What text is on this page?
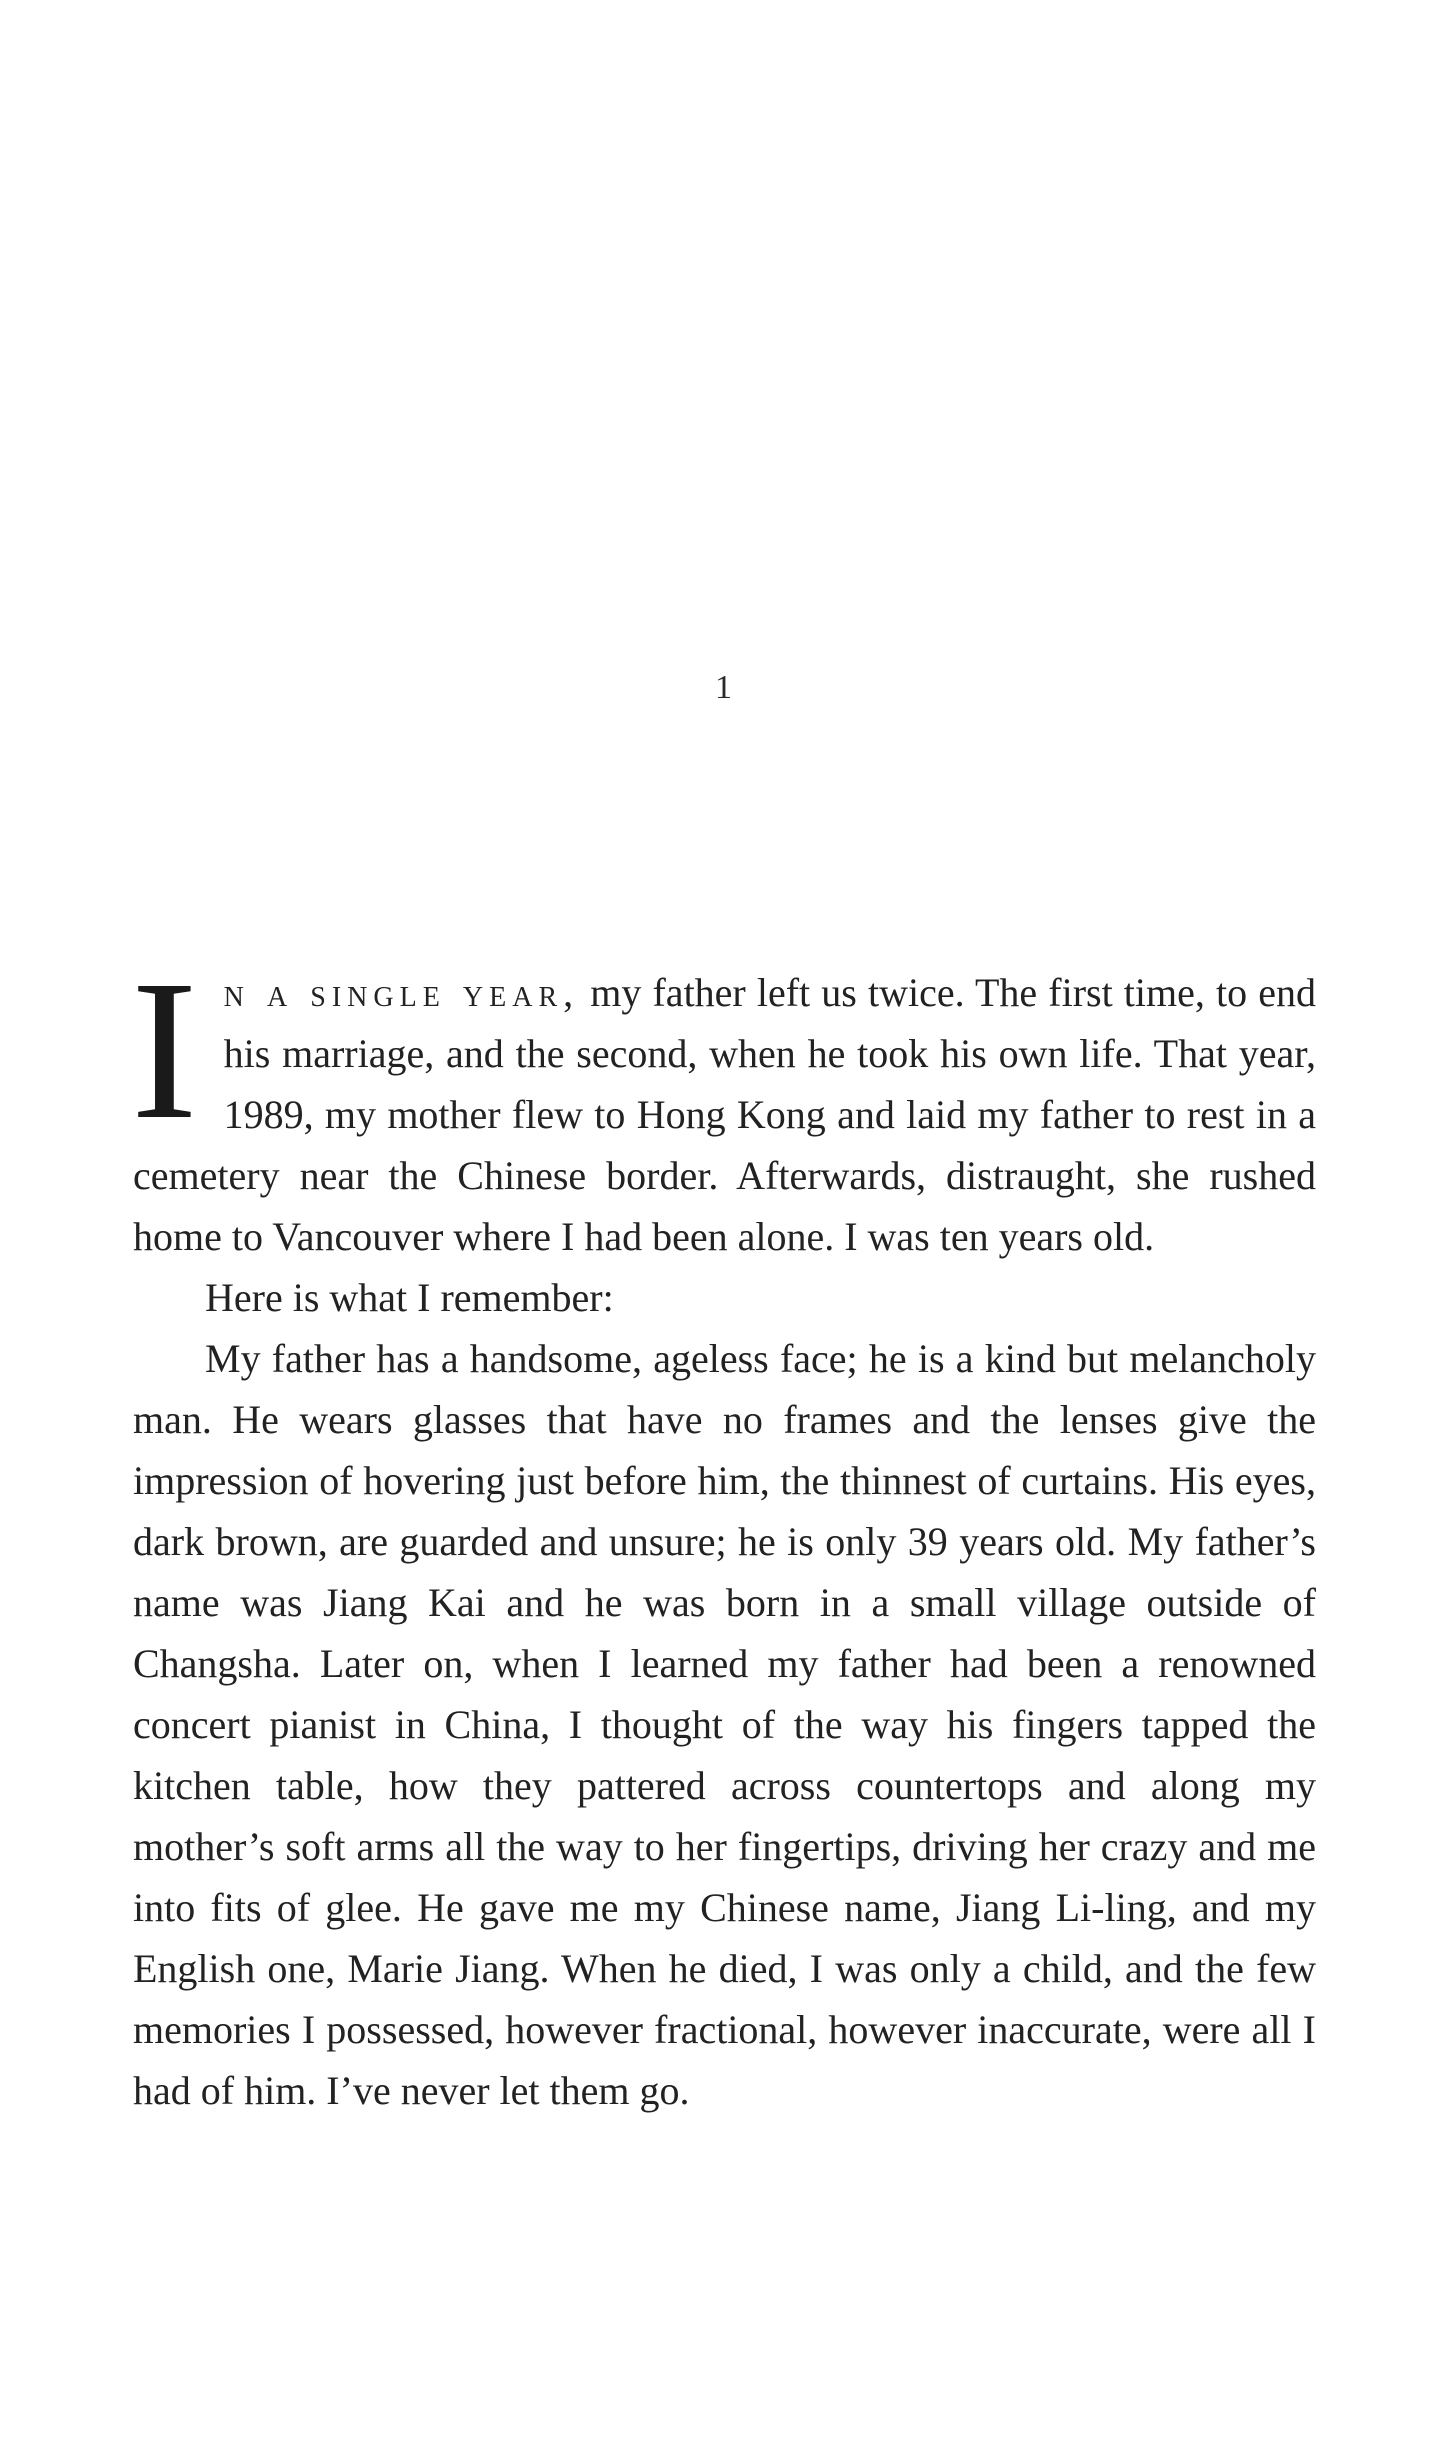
1

In a single year, my father left us twice. The first time, to end his marriage, and the second, when he took his own life. That year, 1989, my mother flew to Hong Kong and laid my father to rest in a cemetery near the Chinese border. Afterwards, distraught, she rushed home to Vancouver where I had been alone. I was ten years old.

Here is what I remember:

My father has a handsome, ageless face; he is a kind but melancholy man. He wears glasses that have no frames and the lenses give the impression of hovering just before him, the thinnest of curtains. His eyes, dark brown, are guarded and unsure; he is only 39 years old. My father’s name was Jiang Kai and he was born in a small village outside of Changsha. Later on, when I learned my father had been a renowned concert pianist in China, I thought of the way his fingers tapped the kitchen table, how they pattered across countertops and along my mother’s soft arms all the way to her fingertips, driving her crazy and me into fits of glee. He gave me my Chinese name, Jiang Li-ling, and my English one, Marie Jiang. When he died, I was only a child, and the few memories I possessed, however fractional, however inaccurate, were all I had of him. I’ve never let them go.
